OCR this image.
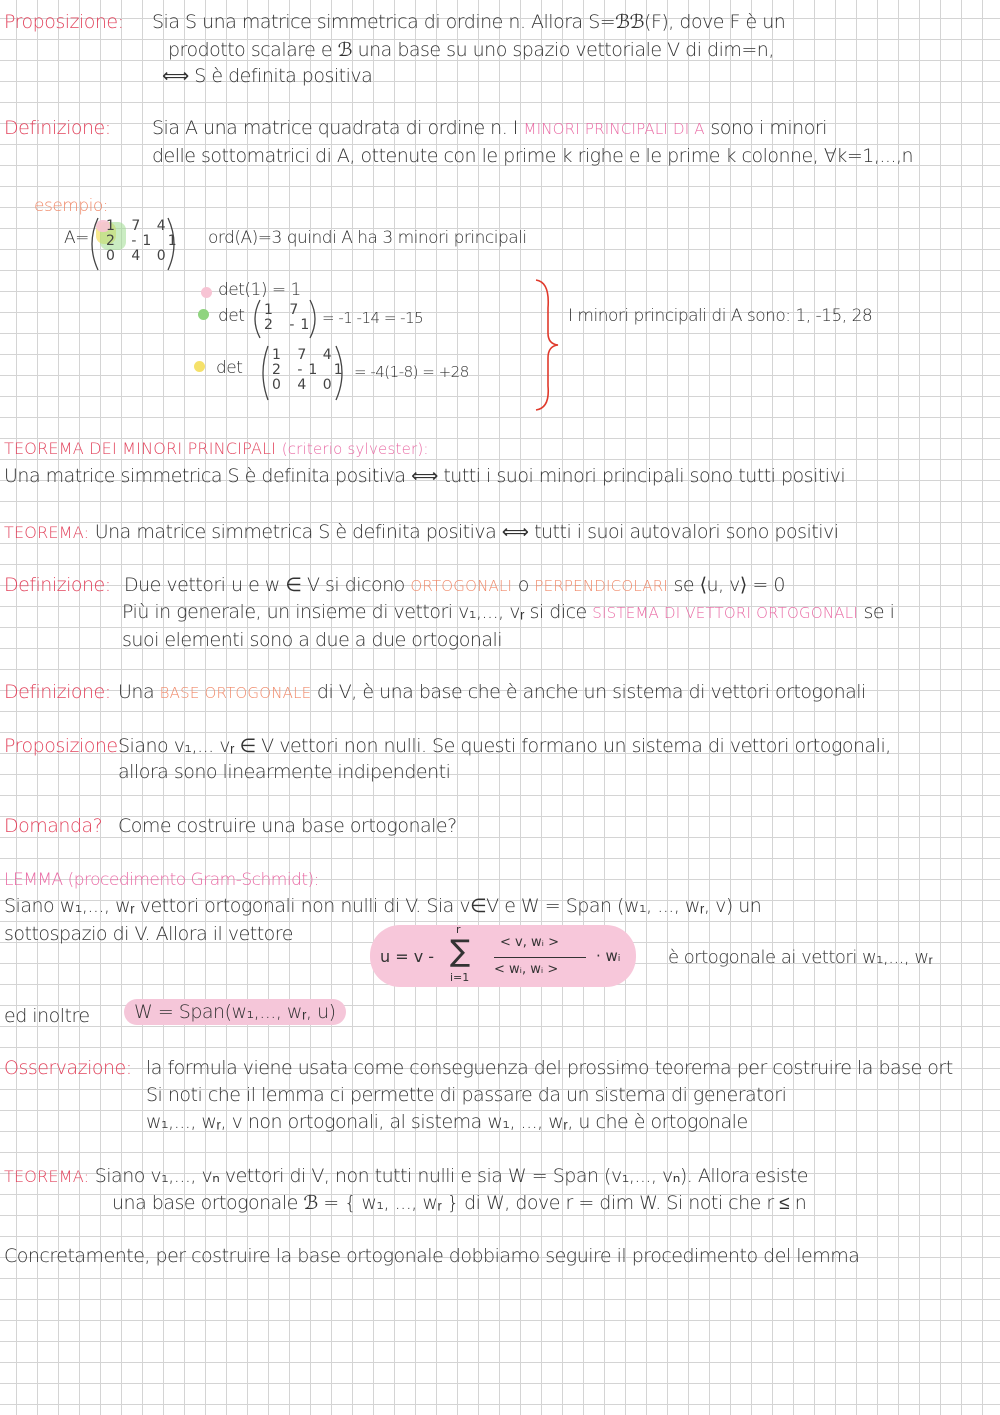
Proposizione: Sia S una matrice simmetrica di ordine n. Allora S=ℬℬ(F), dove F è un
prodotto scalare e ℬ una base su uno spazio vettoriale V di dim=n,
⟺ S è definita positiva
Definizione: Sia A una matrice quadrata di ordine n. I MINORI PRINCIPALI DI A sono i minori
delle sottomatrici di A, ottenute con le prime k righe e le prime k colonne, ∀k=1,...,n
esempio:
A=
1 7 4
2 -1 1
0 4 0
ord(A)=3 quindi A ha 3 minori principali
det(1) = 1
det 1 7
2 -1 = -1 -14 = -15
det
1 7 4
2 -1 1
0 4 0
= -4(1-8) = +28
I minori principali di A sono: 1, -15, 28
TEOREMA DEI MINORI PRINCIPALI (criterio sylvester):
Una matrice simmetrica S è definita positiva ⟺ tutti i suoi minori principali sono tutti positivi
TEOREMA: Una matrice simmetrica S è definita positiva ⟺ tutti i suoi autovalori sono positivi
Definizione: Due vettori u e w ∈ V si dicono ORTOGONALI o PERPENDICOLARI se ⟨u, v⟩ = 0
Più in generale, un insieme di vettori v₁,..., vᵣ si dice SISTEMA DI VETTORI ORTOGONALI se i
suoi elementi sono a due a due ortogonali
Definizione: Una BASE ORTOGONALE di V, è una base che è anche un sistema di vettori ortogonali
Proposizione:
Siano v₁,... vᵣ ∈ V vettori non nulli. Se questi formano un sistema di vettori ortogonali,
allora sono linearmente indipendenti
Domanda? Come costruire una base ortogonale?
LEMMA (procedimento Gram-Schmidt):
Siano w₁,..., wᵣ vettori ortogonali non nulli di V. Sia v∈V e W = Span (w₁, ..., wᵣ, v) un
sottospazio di V. Allora il vettore
u = v - ∑
r
i=1
< v, wᵢ >
< wᵢ, wᵢ >
· wᵢ	è ortogonale ai vettori w₁,..., wᵣ
ed inoltre	W = Span(w₁,..., wᵣ, u)
Osservazione: la formula viene usata come conseguenza del prossimo teorema per costruire la base ort
Si noti che il lemma ci permette di passare da un sistema di generatori
w₁,..., wᵣ, v non ortogonali, al sistema w₁, ..., wᵣ, u che è ortogonale
TEOREMA: Siano v₁,..., vₙ vettori di V, non tutti nulli e sia W = Span (v₁,..., vₙ). Allora esiste
una base ortogonale ℬ = { w₁, ..., wᵣ } di W, dove r = dim W. Si noti che r ≤ n
Concretamente, per costruire la base ortogonale dobbiamo seguire il procedimento del lemma
